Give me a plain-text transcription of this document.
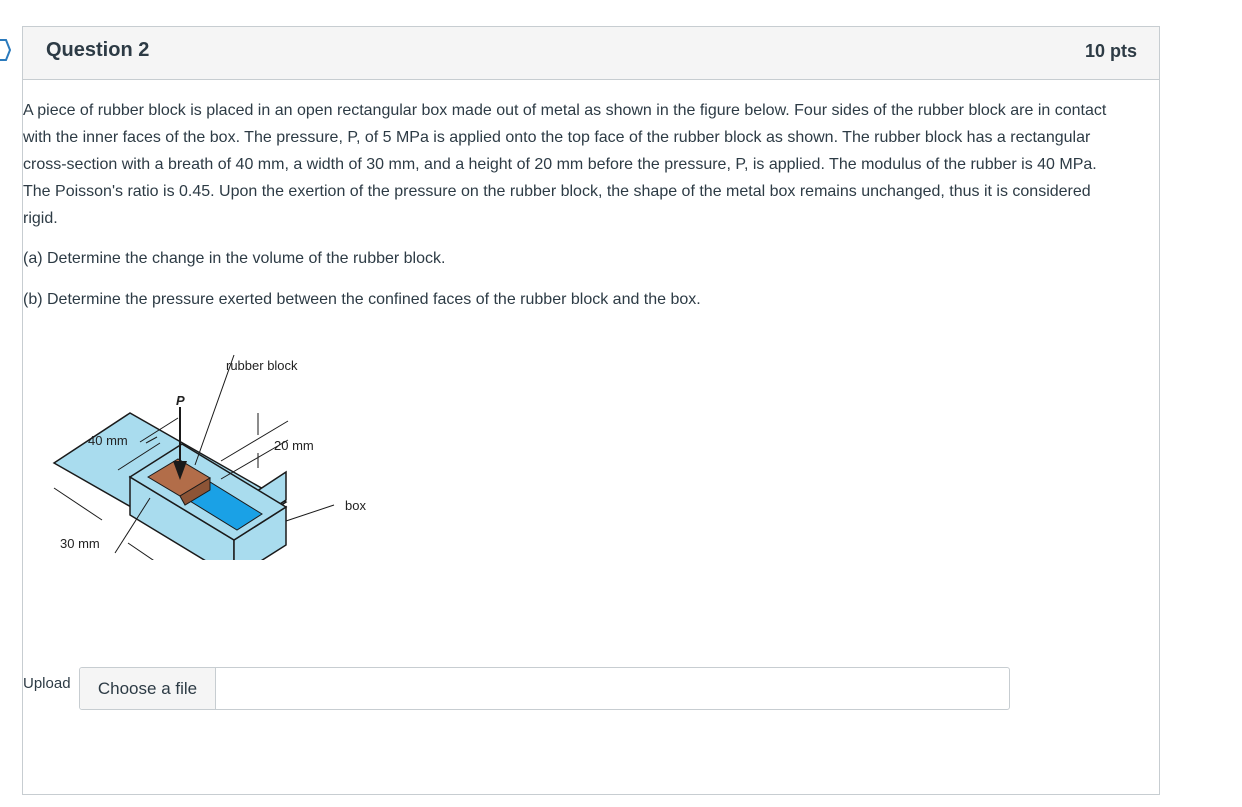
Question 2	10 pts

A piece of rubber block is placed in an open rectangular box made out of metal as shown in the figure below. Four sides of the rubber block are in contact with the inner faces of the box. The pressure, P, of 5 MPa is applied onto the top face of the rubber block as shown. The rubber block has a rectangular cross-section with a breath of 40 mm, a width of 30 mm, and a height of 20 mm before the pressure, P, is applied. The modulus of the rubber is 40 MPa. The Poisson's ratio is 0.45. Upon the exertion of the pressure on the rubber block, the shape of the metal box remains unchanged, thus it is considered rigid.

(a) Determine the change in the volume of the rubber block.

(b) Determine the pressure exerted between the confined faces of the rubber block and the box.

rubber block
P
40 mm	20 mm
box
30 mm
Upload	Choose a file
